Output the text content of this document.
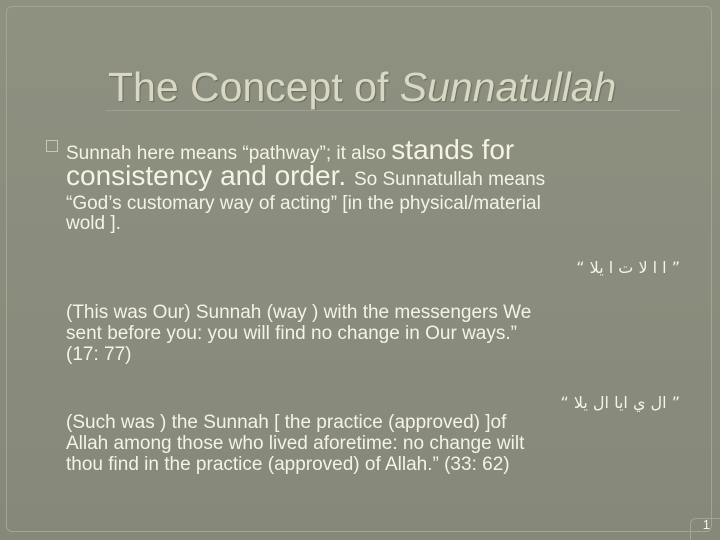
The Concept of Sunnatullah
Sunnah here means “pathway”; it also stands for
consistency and order. So Sunnatullah means
“God’s customary way of acting” [in the physical/material
wold ].
” ا ا لا ت ا يلا “
(This was Our) Sunnah (way ) with the messengers We
sent before you: you will find no change in Our ways.”
(17: 77)
” ال ي ايا ال يلا “
(Such was ) the Sunnah [ the practice (approved) ]of
Allah among those who lived aforetime: no change wilt
thou find in the practice (approved) of Allah.” (33: 62)
1
